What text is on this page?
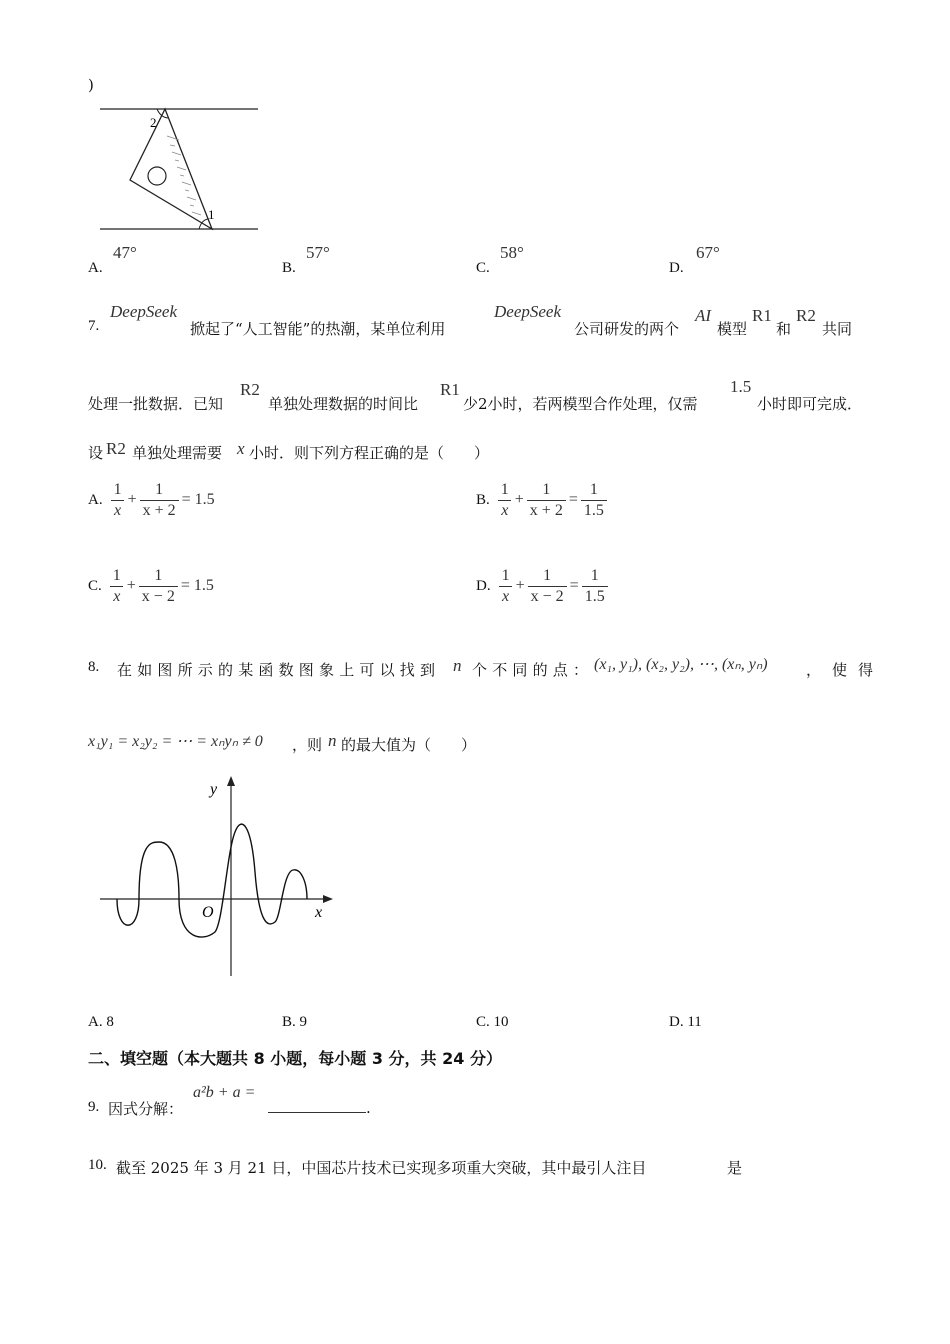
)
2
1
A.
47°
B.
57°
C.
58°
D.
67°
7.
DeepSeek
掀起了“人工智能”的热潮，某单位利用
DeepSeek
公司研发的两个
AI
模型
R1
和
R2
共同
处理一批数据．已知
R2
单独处理数据的时间比
R1
少2小时，若两模型合作处理，仅需
1.5
小时即可完成．
设 R2 单独处理需要 x 小时．则下列方程正确的是（　　）
A. $\frac{1}{x} + \frac{1}{x + 2} = 1.5$	B. $\frac{1}{x} + \frac{1}{x + 2} = \frac{1}{1.5}$
C. $\frac{1}{x} + \frac{1}{x - 2} = 1.5$	D. $\frac{1}{x} + \frac{1}{x - 2} = \frac{1}{1.5}$
8. 在如图所示的某函数图象上可以找到 n 个不同的点： (x₁, y₁), (x₂, y₂), ⋯, (xₙ, yₙ)	，使得
x₁y₁ = x₂y₂ = ⋯ = xₙyₙ ≠ 0 ，则 n 的最大值为（　　）
y
x
O
A. 8	B. 9	C. 10	D. 11
二、填空题（本大题共 8 小题，每小题 3 分，共 24 分）
9. 因式分解：
a²b + a =
.
10. 截至 2025 年 3 月 21 日，中国芯片技术已实现多项重大突破，其中最引人注目	是
